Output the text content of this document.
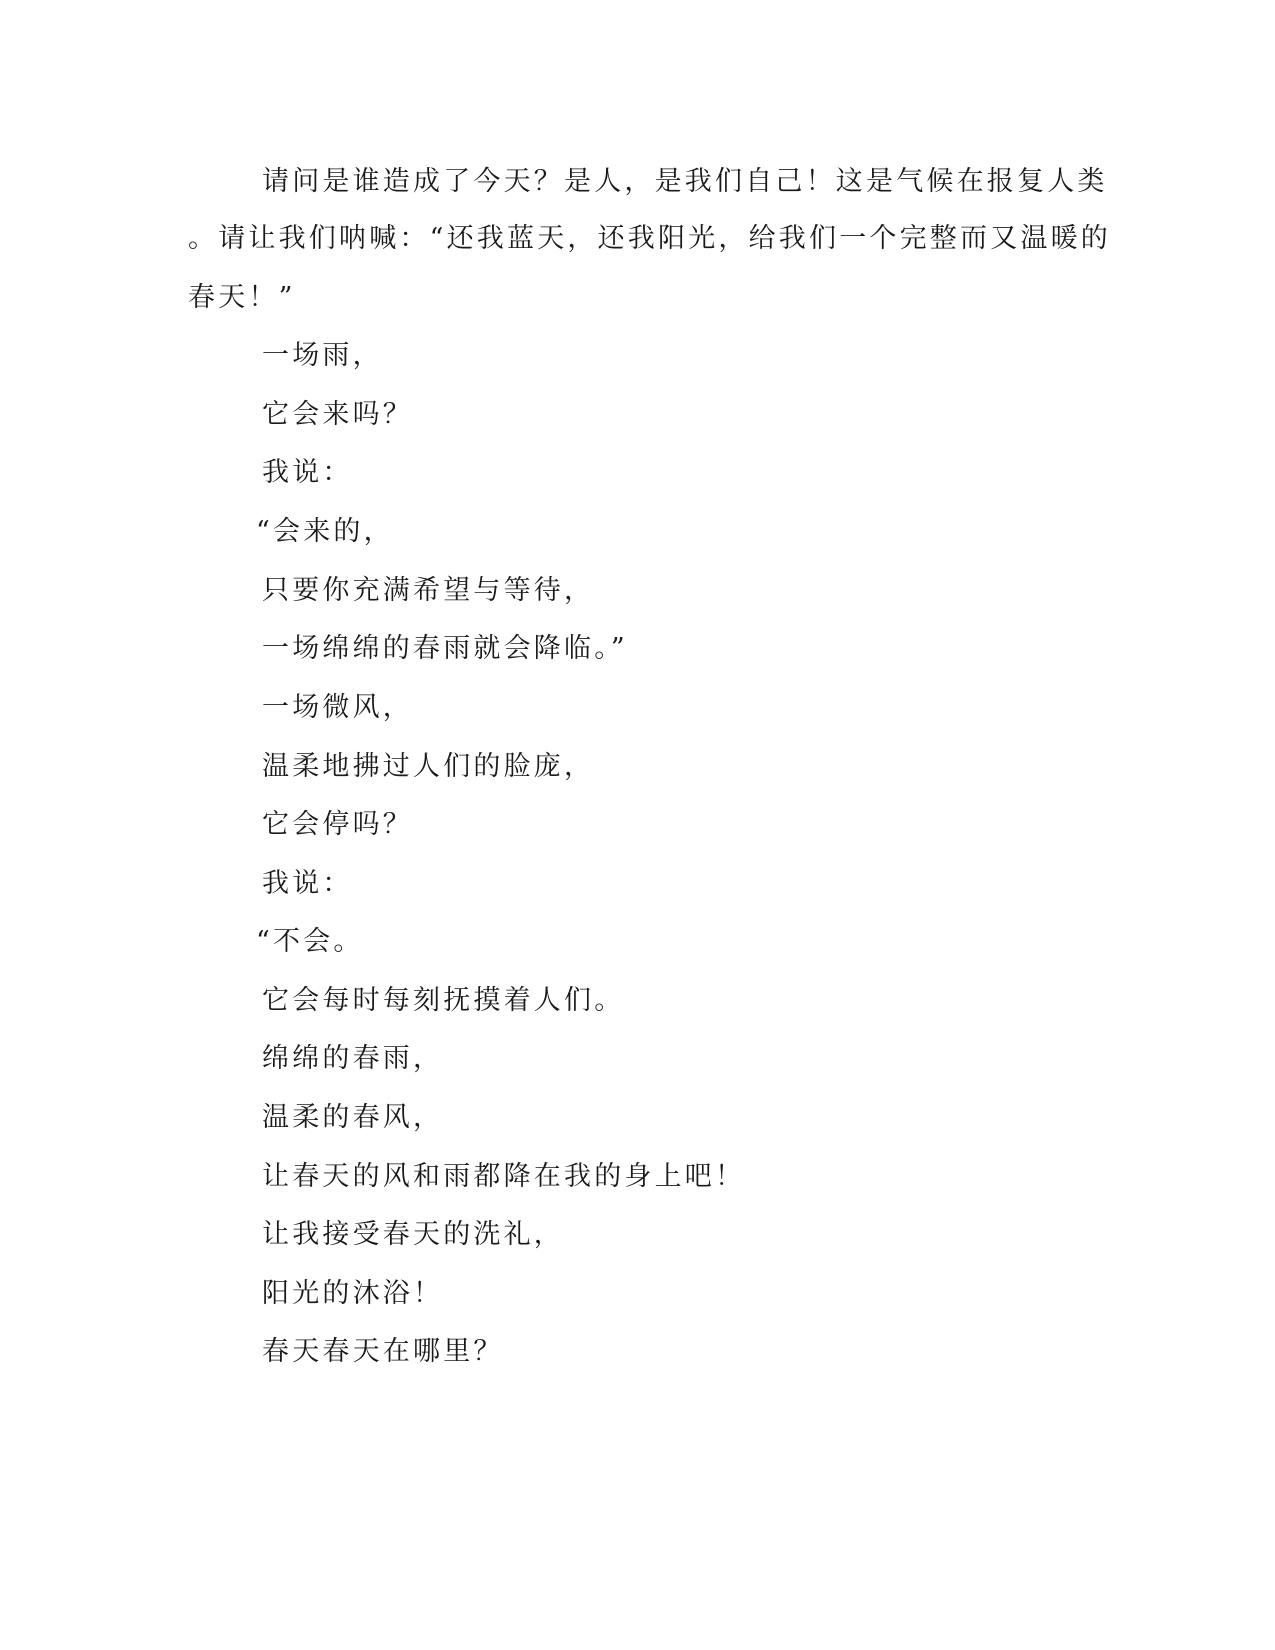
请问是谁造成了今天？是人，是我们自己！这是气候在报复人类
。请让我们呐喊：“还我蓝天，还我阳光，给我们一个完整而又温暖的
春天！”
一场雨，
它会来吗？
我说：
“会来的，
只要你充满希望与等待，
一场绵绵的春雨就会降临。”
一场微风，
温柔地拂过人们的脸庞，
它会停吗？
我说：
“不会。
它会每时每刻抚摸着人们。
绵绵的春雨，
温柔的春风，
让春天的风和雨都降在我的身上吧！
让我接受春天的洗礼，
阳光的沐浴！
春天春天在哪里？
